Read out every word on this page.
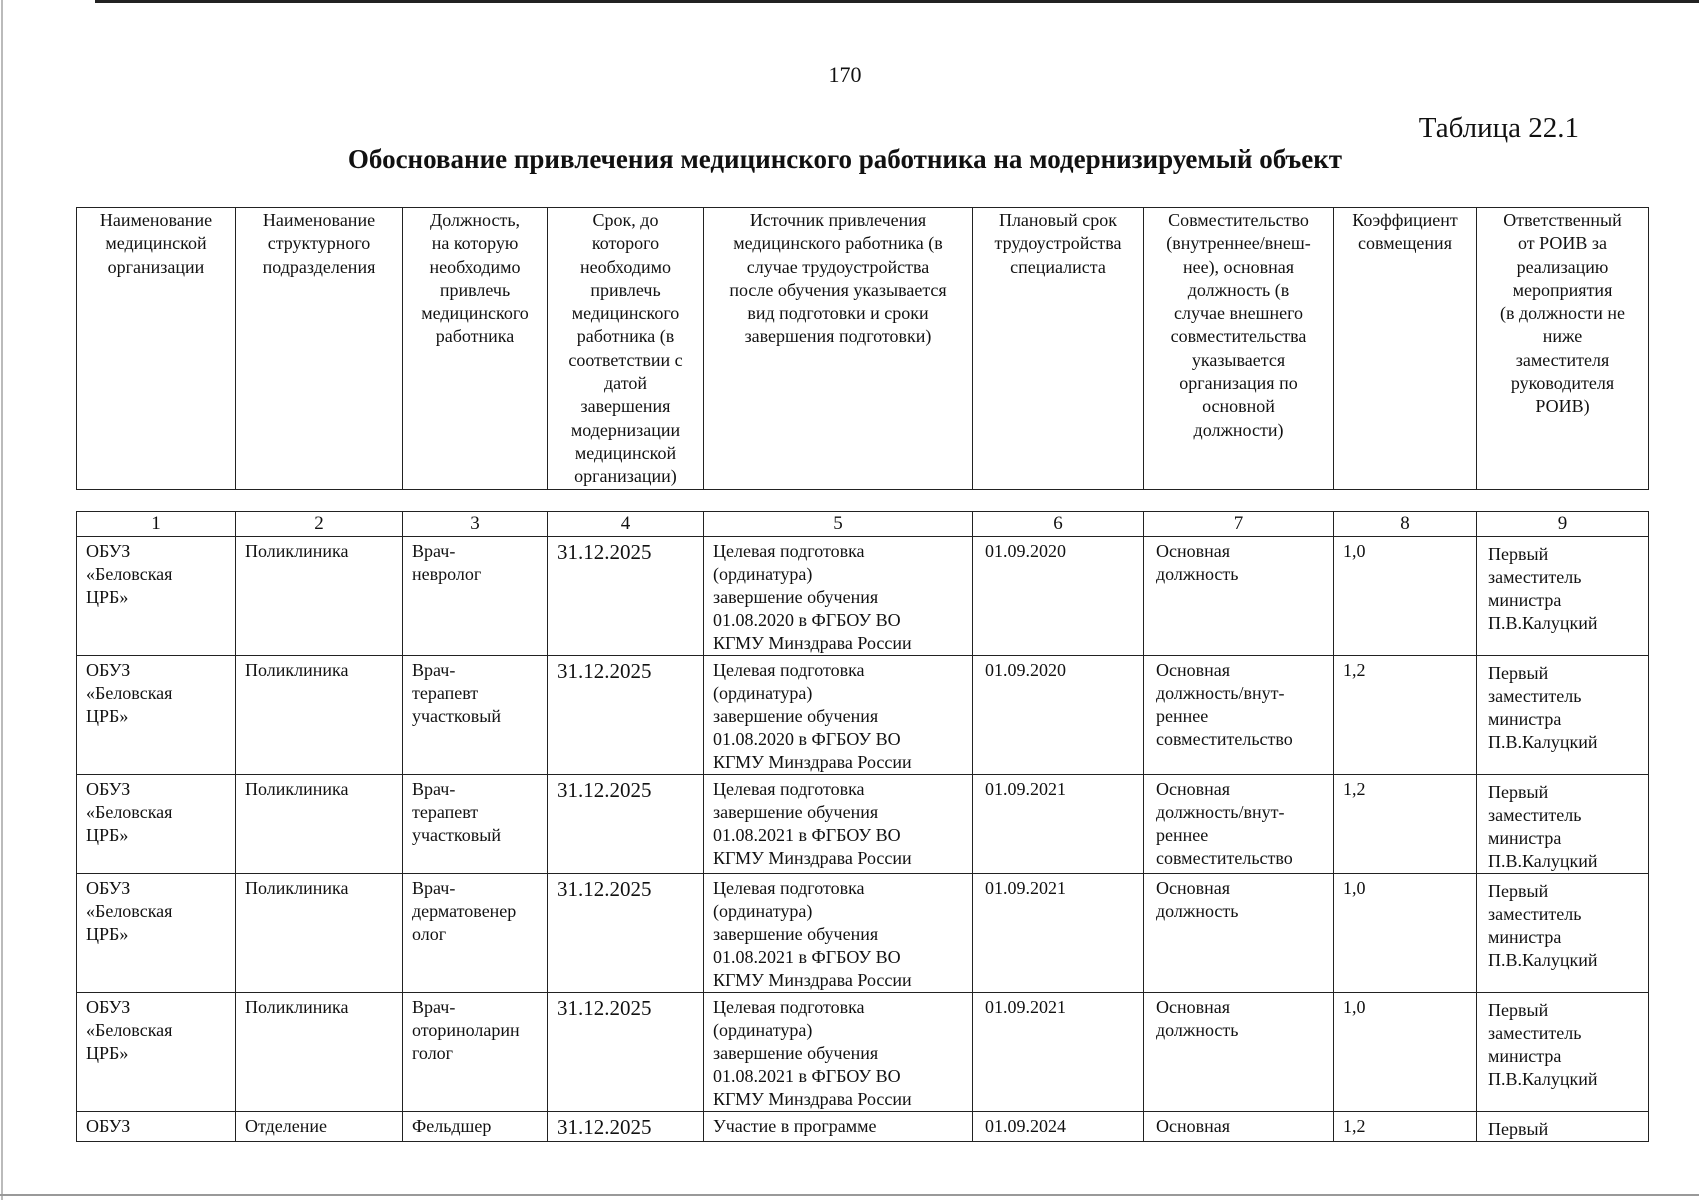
170
Таблица 22.1
Обоснование привлечения медицинского работника на модернизируемый объект
Наименование
медицинской
организации	Наименование
структурного
подразделения	Должность,
на которую
необходимо
привлечь
медицинского
работника	Срок, до
которого
необходимо
привлечь
медицинского
работника (в
соответствии с
датой
завершения
модернизации
медицинской
организации)	Источник привлечения
медицинского работника (в
случае трудоустройства
после обучения указывается
вид подготовки и сроки
завершения подготовки)	Плановый срок
трудоустройства
специалиста	Совместительство
(внутреннее/внеш-
нее), основная
должность (в
случае внешнего
совместительства
указывается
организация по
основной
должности)	Коэффициент
совмещения	Ответственный
от РОИВ за
реализацию
мероприятия
(в должности не
ниже
заместителя
руководителя
РОИВ)
1	2	3	4	5	6	7	8	9
ОБУЗ
«Беловская
ЦРБ»	Поликлиника	Врач-
невролог	31.12.2025	Целевая подготовка
(ординатура)
завершение обучения
01.08.2020 в ФГБОУ ВО
КГМУ Минздрава России	01.09.2020	Основная
должность	1,0	Первый
заместитель
министра
П.В.Калуцкий
ОБУЗ
«Беловская
ЦРБ»	Поликлиника	Врач-
терапевт
участковый	31.12.2025	Целевая подготовка
(ординатура)
завершение обучения
01.08.2020 в ФГБОУ ВО
КГМУ Минздрава России	01.09.2020	Основная
должность/внут-
реннее
совместительство	1,2	Первый
заместитель
министра
П.В.Калуцкий
ОБУЗ
«Беловская
ЦРБ»	Поликлиника	Врач-
терапевт
участковый	31.12.2025	Целевая подготовка
завершение обучения
01.08.2021 в ФГБОУ ВО
КГМУ Минздрава России	01.09.2021	Основная
должность/внут-
реннее
совместительство	1,2	Первый
заместитель
министра
П.В.Калуцкий
ОБУЗ
«Беловская
ЦРБ»	Поликлиника	Врач-
дерматовенер
олог	31.12.2025	Целевая подготовка
(ординатура)
завершение обучения
01.08.2021 в ФГБОУ ВО
КГМУ Минздрава России	01.09.2021	Основная
должность	1,0	Первый
заместитель
министра
П.В.Калуцкий
ОБУЗ
«Беловская
ЦРБ»	Поликлиника	Врач-
оториноларин
голог	31.12.2025	Целевая подготовка
(ординатура)
завершение обучения
01.08.2021 в ФГБОУ ВО
КГМУ Минздрава России	01.09.2021	Основная
должность	1,0	Первый
заместитель
министра
П.В.Калуцкий
ОБУЗ	Отделение	Фельдшер	31.12.2025	Участие в программе	01.09.2024	Основная	1,2	Первый
